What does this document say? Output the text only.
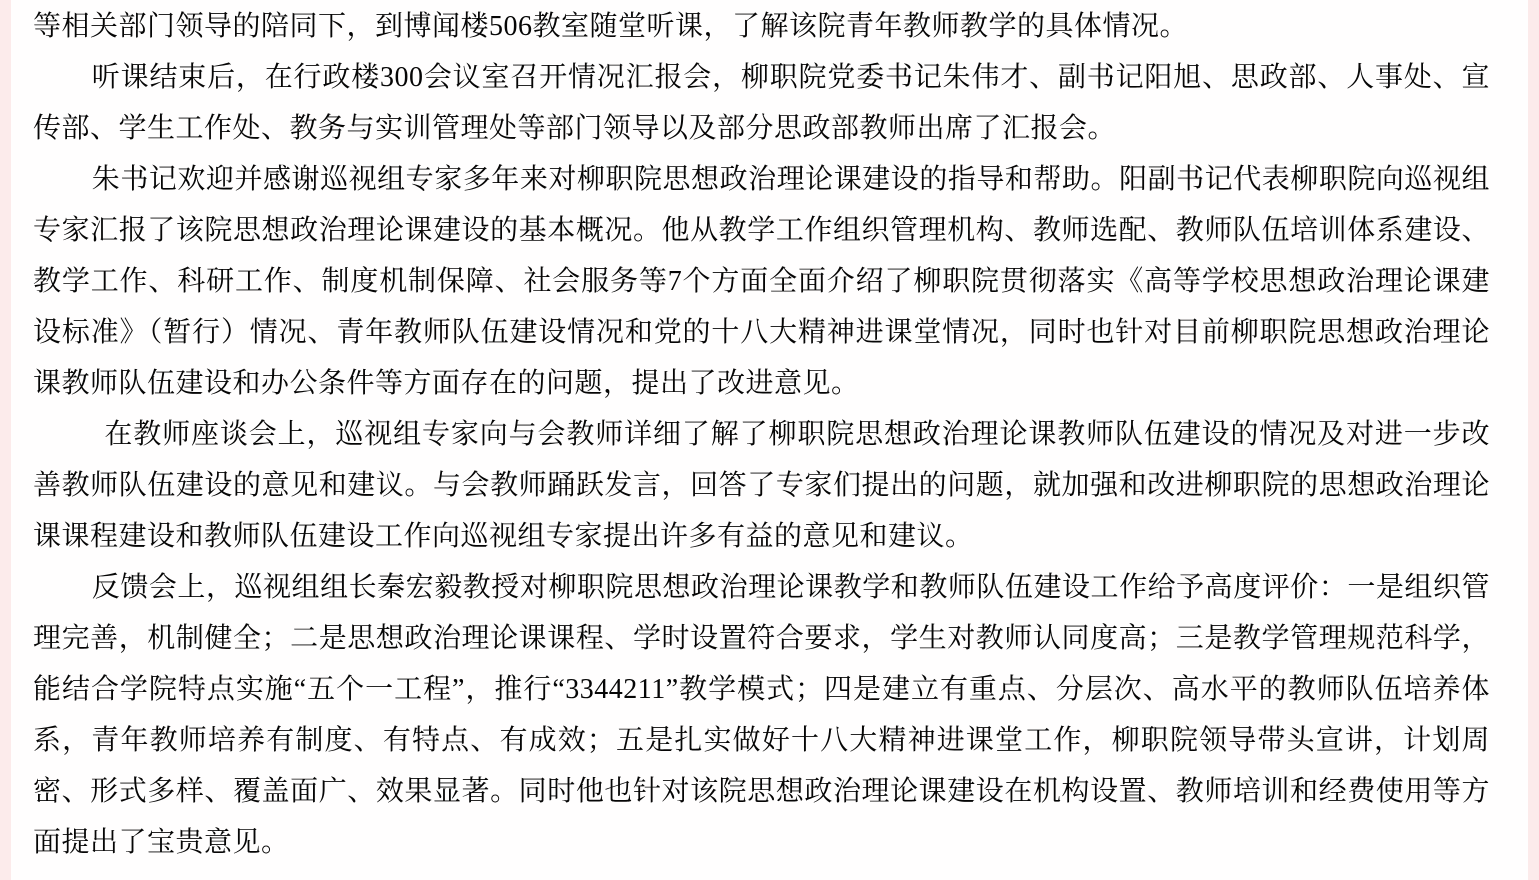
等相关部门领导的陪同下，到博闻楼506教室随堂听课，了解该院青年教师教学的具体情况。

听课结束后，在行政楼300会议室召开情况汇报会，柳职院党委书记朱伟才、副书记阳旭、思政部、人事处、宣传部、学生工作处、教务与实训管理处等部门领导以及部分思政部教师出席了汇报会。

朱书记欢迎并感谢巡视组专家多年来对柳职院思想政治理论课建设的指导和帮助。阳副书记代表柳职院向巡视组专家汇报了该院思想政治理论课建设的基本概况。他从教学工作组织管理机构、教师选配、教师队伍培训体系建设、教学工作、科研工作、制度机制保障、社会服务等7个方面全面介绍了柳职院贯彻落实《高等学校思想政治理论课建设标准》（暂行）情况、青年教师队伍建设情况和党的十八大精神进课堂情况，同时也针对目前柳职院思想政治理论课教师队伍建设和办公条件等方面存在的问题，提出了改进意见。

在教师座谈会上，巡视组专家向与会教师详细了解了柳职院思想政治理论课教师队伍建设的情况及对进一步改善教师队伍建设的意见和建议。与会教师踊跃发言，回答了专家们提出的问题，就加强和改进柳职院的思想政治理论课课程建设和教师队伍建设工作向巡视组专家提出许多有益的意见和建议。

反馈会上，巡视组组长秦宏毅教授对柳职院思想政治理论课教学和教师队伍建设工作给予高度评价：一是组织管理完善，机制健全；二是思想政治理论课课程、学时设置符合要求，学生对教师认同度高；三是教学管理规范科学，能结合学院特点实施“五个一工程”，推行“3344211”教学模式；四是建立有重点、分层次、高水平的教师队伍培养体系，青年教师培养有制度、有特点、有成效；五是扎实做好十八大精神进课堂工作，柳职院领导带头宣讲，计划周密、形式多样、覆盖面广、效果显著。同时他也针对该院思想政治理论课建设在机构设置、教师培训和经费使用等方面提出了宝贵意见。
